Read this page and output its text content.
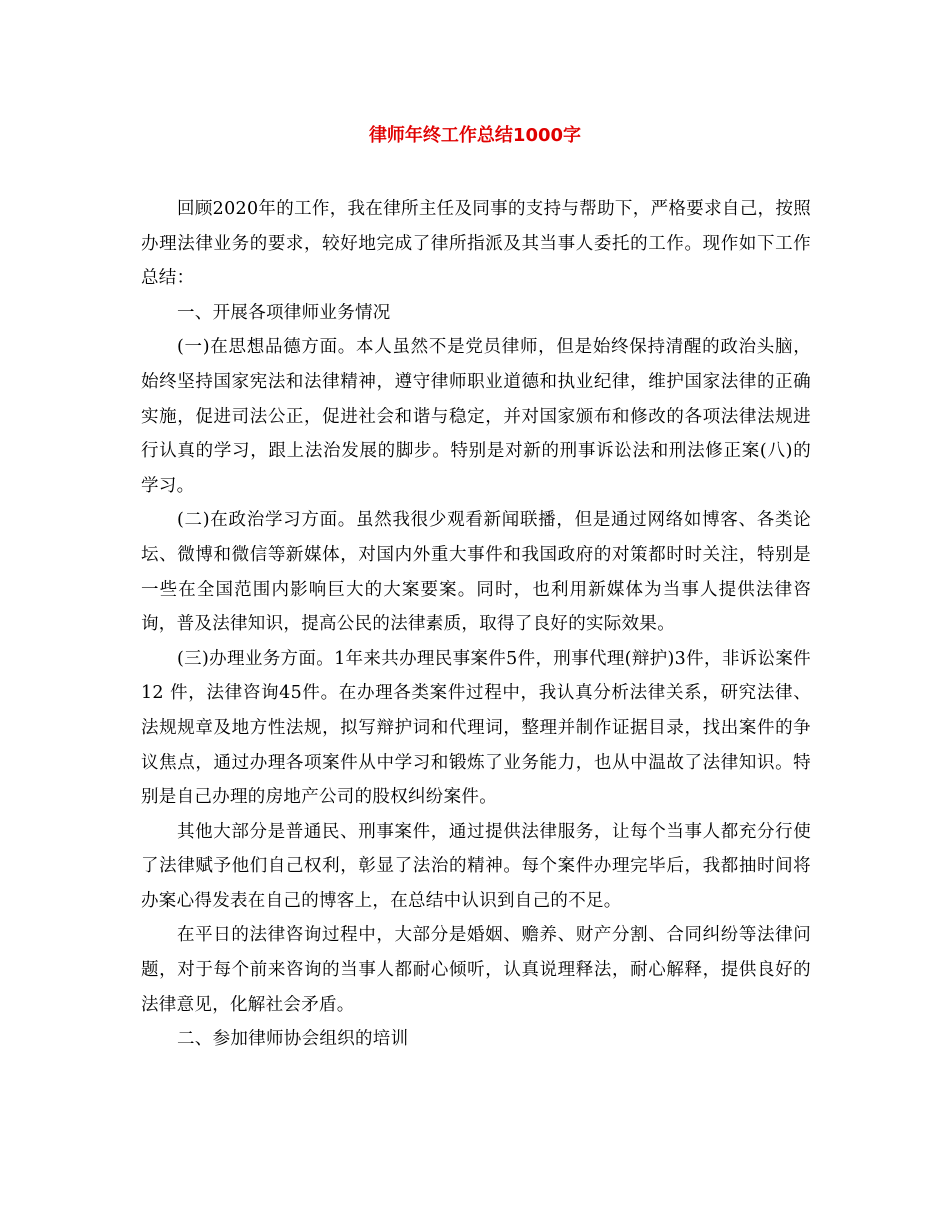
律师年终工作总结1000字

回顾2020年的工作，我在律所主任及同事的支持与帮助下，严格要求自己，按照办理法律业务的要求，较好地完成了律所指派及其当事人委托的工作。现作如下工作总结：

一、开展各项律师业务情况

(一)在思想品德方面。本人虽然不是党员律师，但是始终保持清醒的政治头脑，始终坚持国家宪法和法律精神，遵守律师职业道德和执业纪律，维护国家法律的正确实施，促进司法公正，促进社会和谐与稳定，并对国家颁布和修改的各项法律法规进行认真的学习，跟上法治发展的脚步。特别是对新的刑事诉讼法和刑法修正案(八)的学习。

(二)在政治学习方面。虽然我很少观看新闻联播，但是通过网络如博客、各类论坛、微博和微信等新媒体，对国内外重大事件和我国政府的对策都时时关注，特别是一些在全国范围内影响巨大的大案要案。同时，也利用新媒体为当事人提供法律咨询，普及法律知识，提高公民的法律素质，取得了良好的实际效果。

(三)办理业务方面。1年来共办理民事案件5件，刑事代理(辩护)3件，非诉讼案件12 件，法律咨询45件。在办理各类案件过程中，我认真分析法律关系，研究法律、法规规章及地方性法规，拟写辩护词和代理词，整理并制作证据目录，找出案件的争议焦点，通过办理各项案件从中学习和锻炼了业务能力，也从中温故了法律知识。特别是自己办理的房地产公司的股权纠纷案件。

其他大部分是普通民、刑事案件，通过提供法律服务，让每个当事人都充分行使了法律赋予他们自己权利，彰显了法治的精神。每个案件办理完毕后，我都抽时间将办案心得发表在自己的博客上，在总结中认识到自己的不足。

在平日的法律咨询过程中，大部分是婚姻、赡养、财产分割、合同纠纷等法律问题，对于每个前来咨询的当事人都耐心倾听，认真说理释法，耐心解释，提供良好的法律意见，化解社会矛盾。

二、参加律师协会组织的培训
